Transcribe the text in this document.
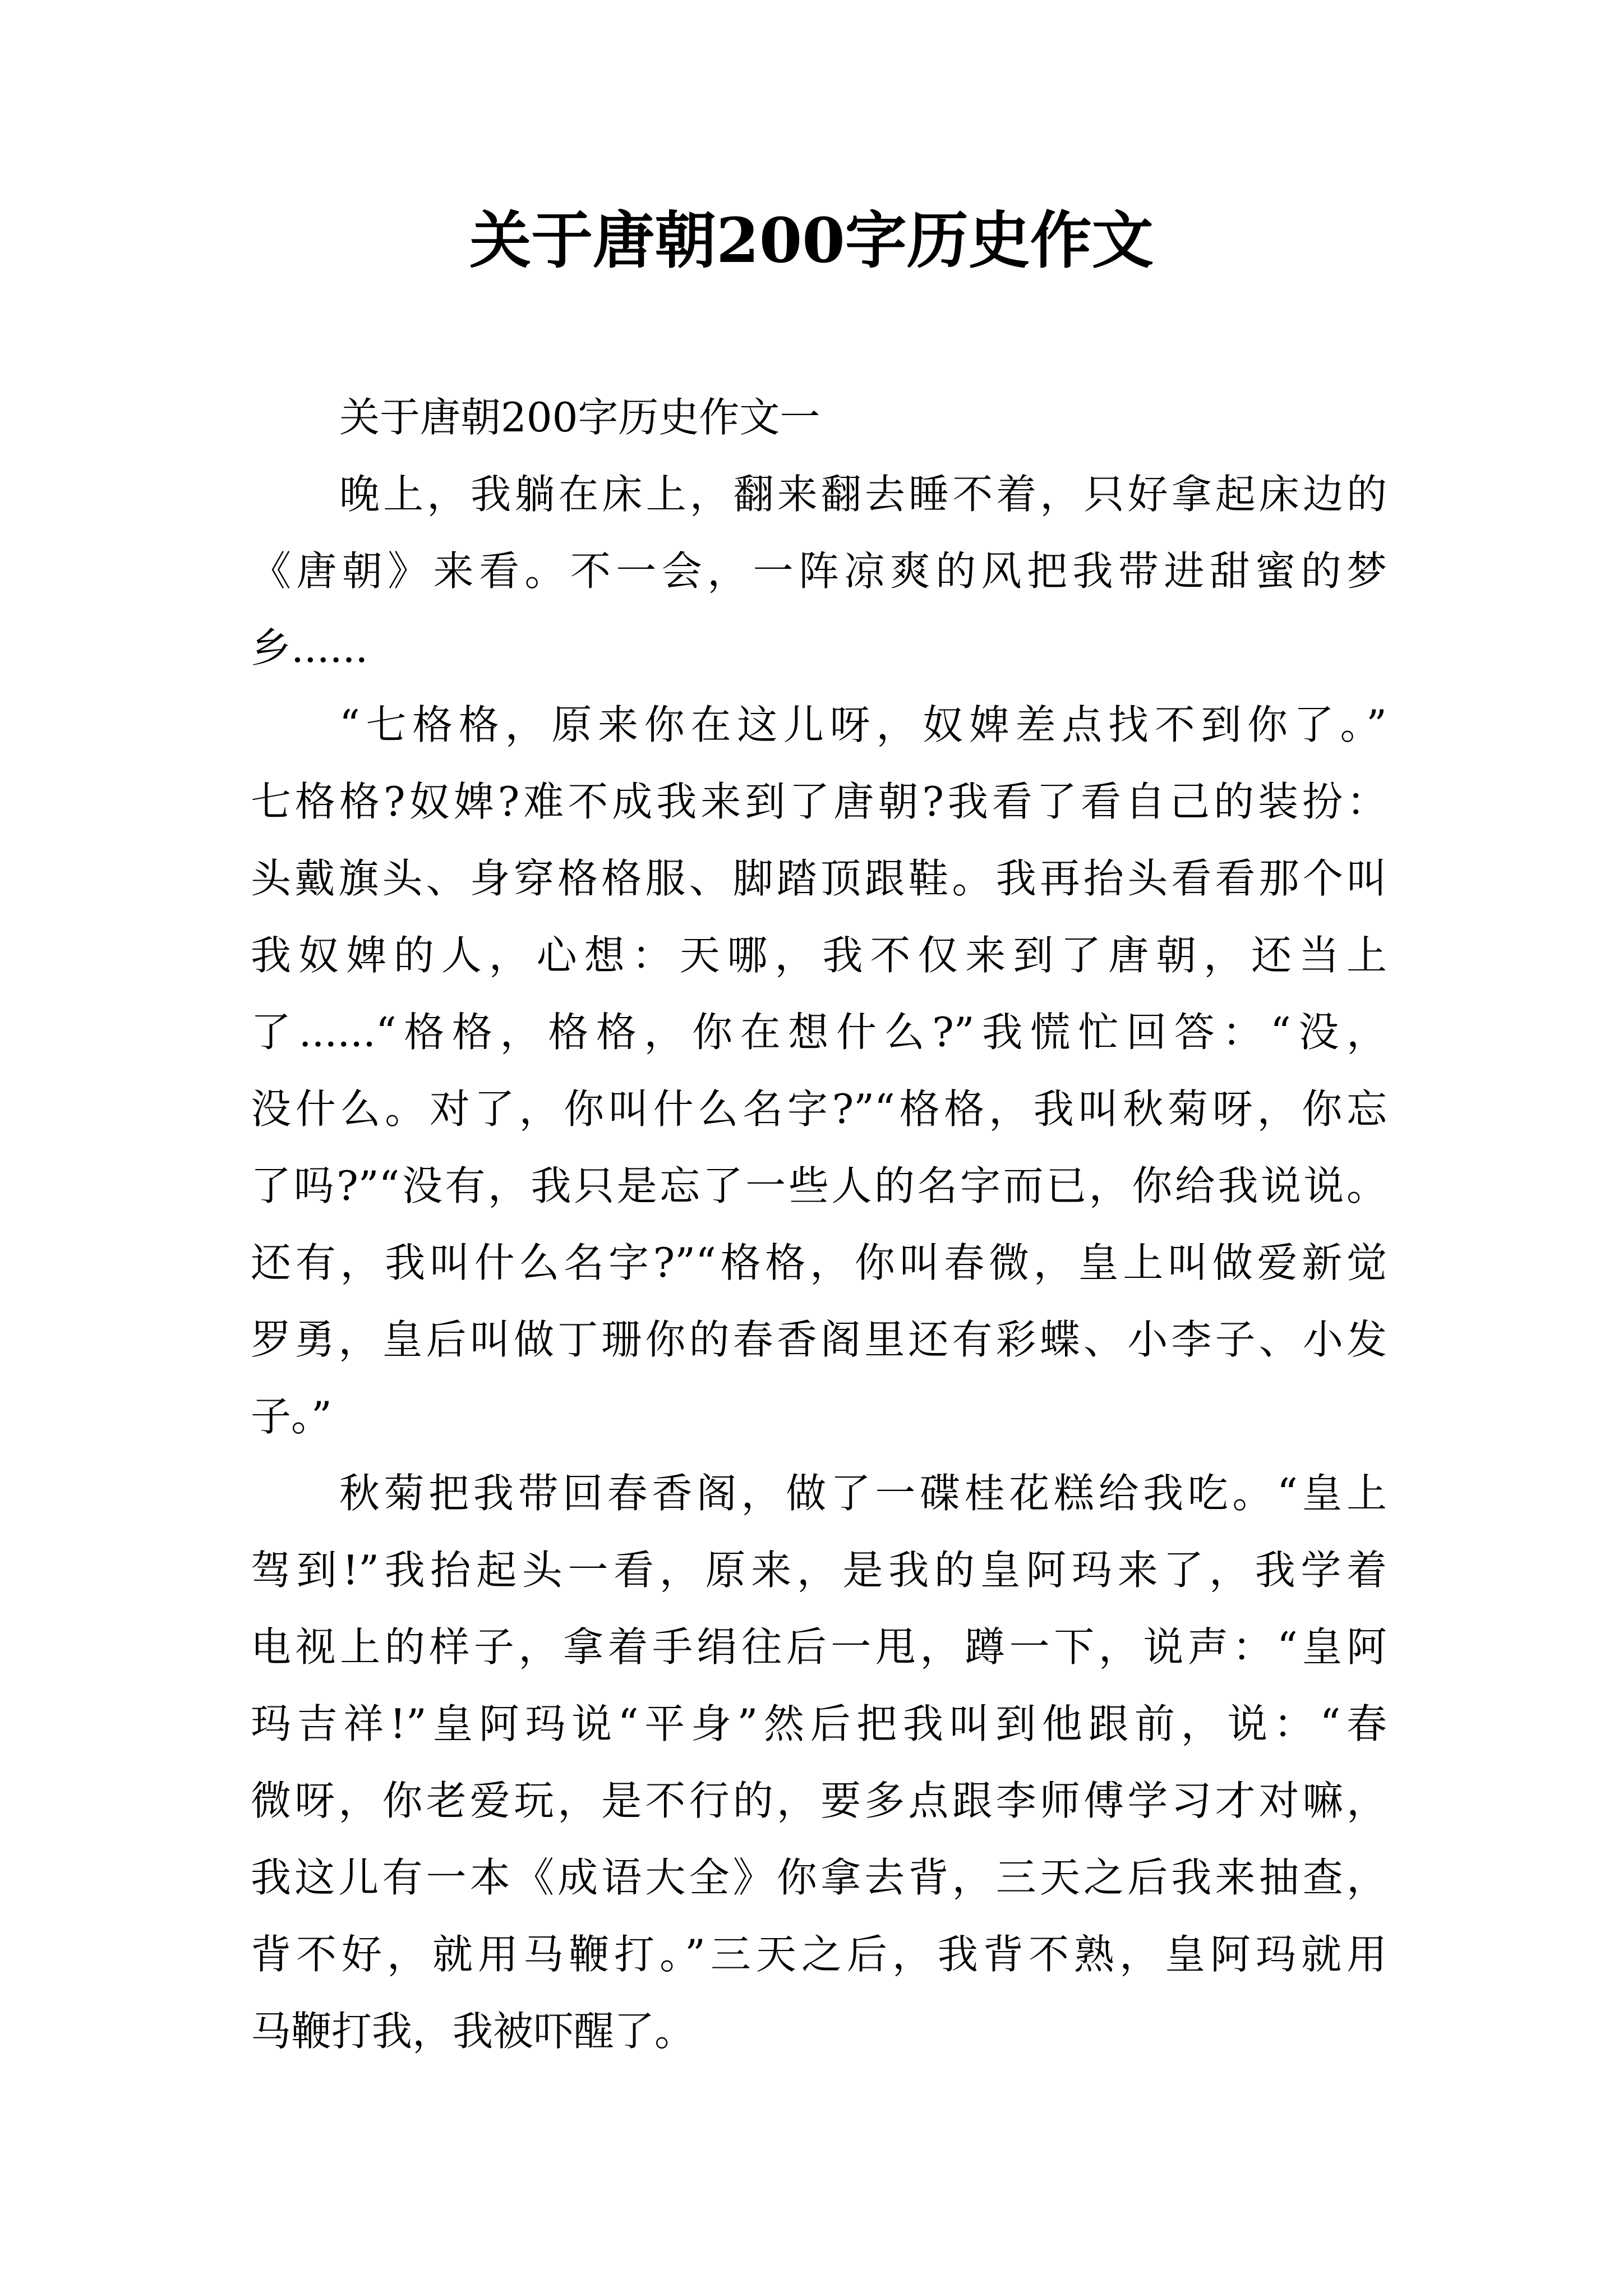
关于唐朝200字历史作文
关于唐朝200字历史作文一
晚上，我躺在床上，翻来翻去睡不着，只好拿起床边的
《唐朝》来看。不一会，一阵凉爽的风把我带进甜蜜的梦
乡......
“七格格，原来你在这儿呀，奴婢差点找不到你了。”
七格格?奴婢?难不成我来到了唐朝?我看了看自己的装扮：
头戴旗头、身穿格格服、脚踏顶跟鞋。我再抬头看看那个叫
我奴婢的人，心想：天哪，我不仅来到了唐朝，还当上
了......“格格，格格，你在想什么?”我慌忙回答：“没，
没什么。对了，你叫什么名字?”“格格，我叫秋菊呀，你忘
了吗?”“没有，我只是忘了一些人的名字而已，你给我说说。
还有，我叫什么名字?”“格格，你叫春微，皇上叫做爱新觉
罗勇，皇后叫做丁珊你的春香阁里还有彩蝶、小李子、小发
子。”
秋菊把我带回春香阁，做了一碟桂花糕给我吃。“皇上
驾到!”我抬起头一看，原来，是我的皇阿玛来了，我学着
电视上的样子，拿着手绢往后一甩，蹲一下，说声：“皇阿
玛吉祥!”皇阿玛说“平身”然后把我叫到他跟前，说：“春
微呀，你老爱玩，是不行的，要多点跟李师傅学习才对嘛，
我这儿有一本《成语大全》你拿去背，三天之后我来抽查，
背不好，就用马鞭打。”三天之后，我背不熟，皇阿玛就用
马鞭打我，我被吓醒了。
